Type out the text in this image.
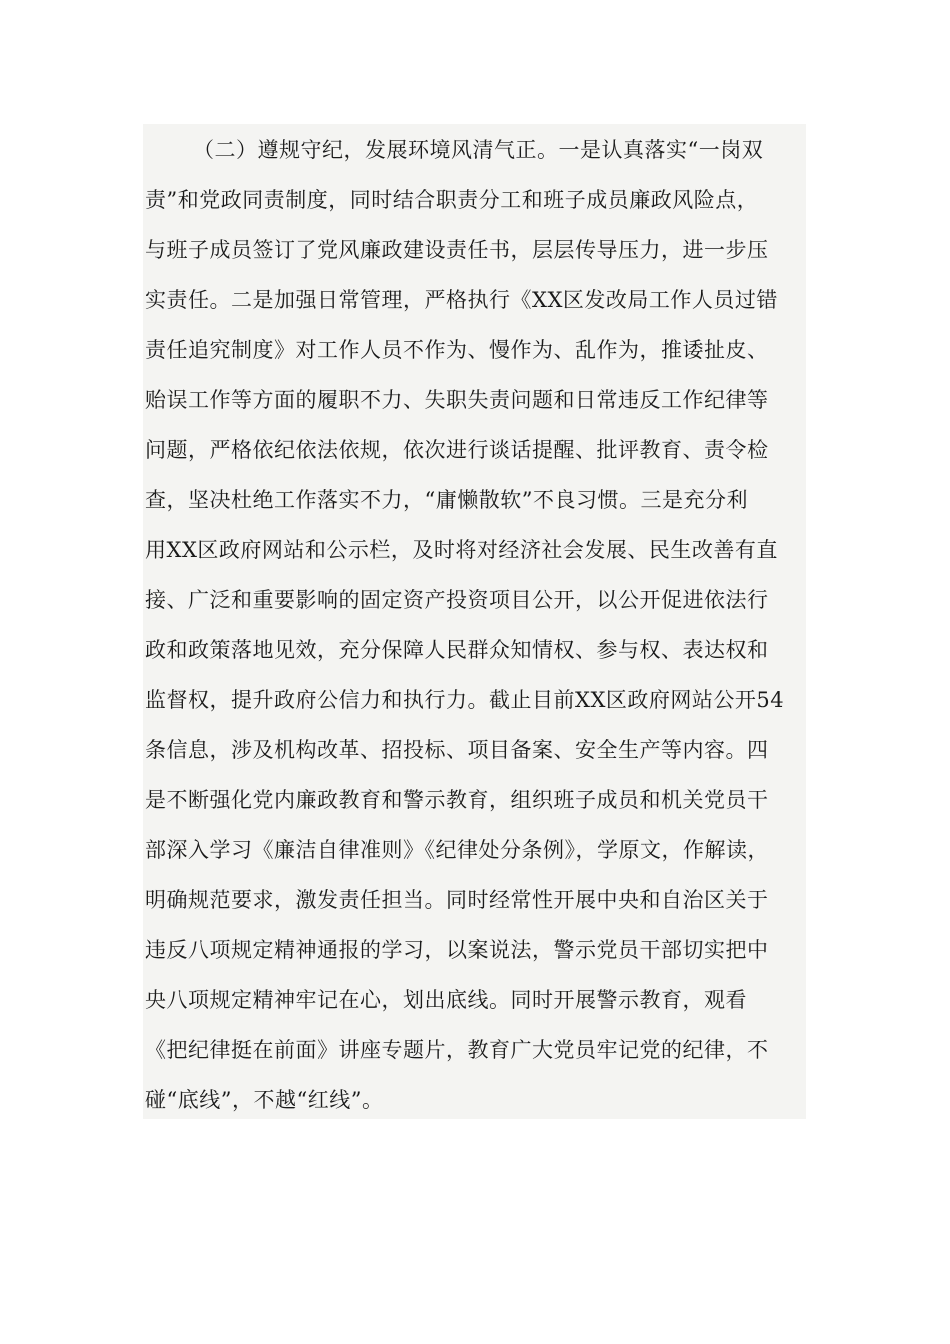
（二）遵规守纪，发展环境风清气正。一是认真落实“一岗双
责”和党政同责制度，同时结合职责分工和班子成员廉政风险点，
与班子成员签订了党风廉政建设责任书，层层传导压力，进一步压
实责任。二是加强日常管理，严格执行《XX区发改局工作人员过错
责任追究制度》对工作人员不作为、慢作为、乱作为，推诿扯皮、
贻误工作等方面的履职不力、失职失责问题和日常违反工作纪律等
问题，严格依纪依法依规，依次进行谈话提醒、批评教育、责令检
查，坚决杜绝工作落实不力，“庸懒散软”不良习惯。三是充分利
用XX区政府网站和公示栏，及时将对经济社会发展、民生改善有直
接、广泛和重要影响的固定资产投资项目公开，以公开促进依法行
政和政策落地见效，充分保障人民群众知情权、参与权、表达权和
监督权，提升政府公信力和执行力。截止目前XX区政府网站公开54
条信息，涉及机构改革、招投标、项目备案、安全生产等内容。四
是不断强化党内廉政教育和警示教育，组织班子成员和机关党员干
部深入学习《廉洁自律准则》《纪律处分条例》，学原文，作解读，
明确规范要求，激发责任担当。同时经常性开展中央和自治区关于
违反八项规定精神通报的学习，以案说法，警示党员干部切实把中
央八项规定精神牢记在心，划出底线。同时开展警示教育，观看
《把纪律挺在前面》讲座专题片，教育广大党员牢记党的纪律，不
碰“底线”，不越“红线”。
